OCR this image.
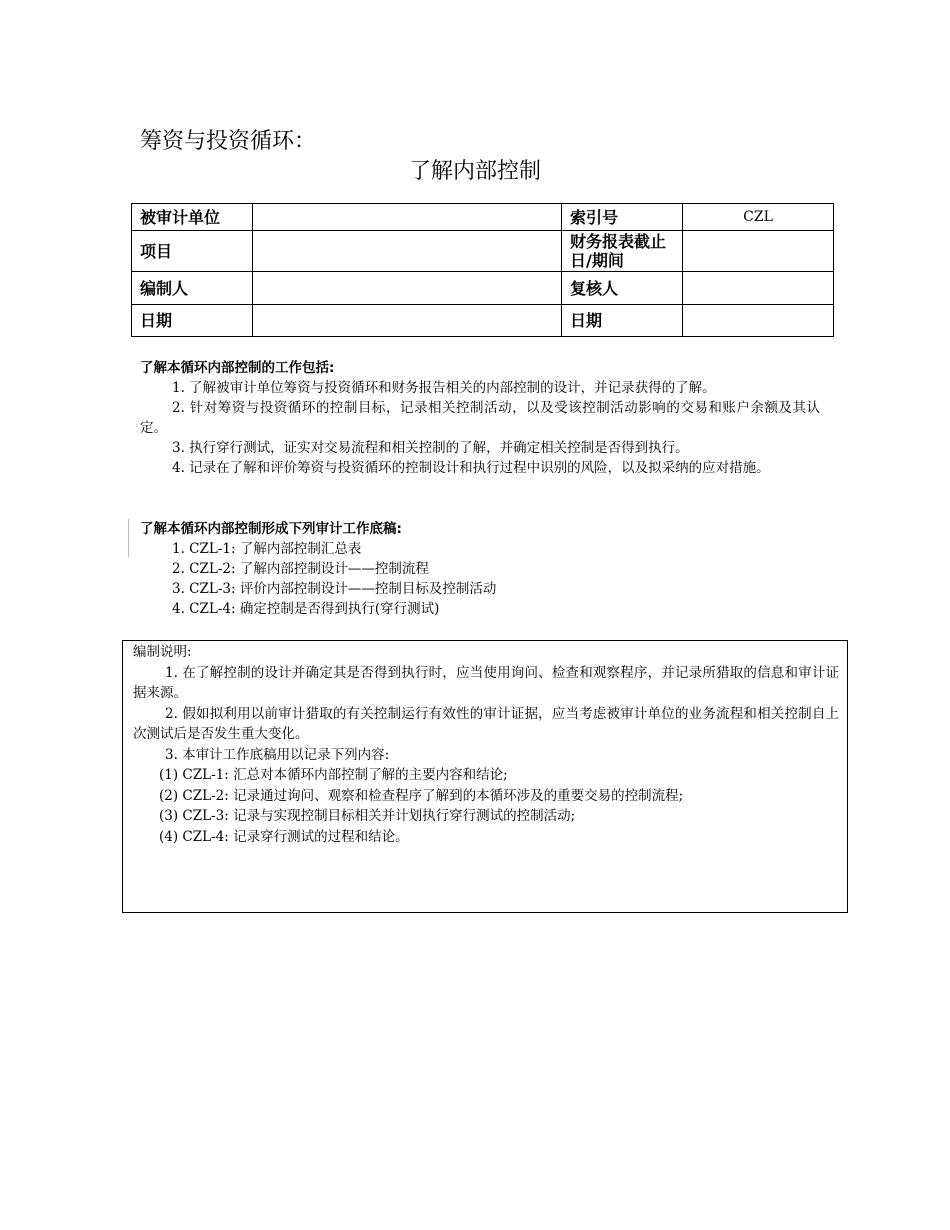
筹资与投资循环：
了解内部控制
被审计单位		索引号	CZL
项目		财务报表截止日/期间	
编制人		复核人	
日期		日期	
了解本循环内部控制的工作包括:
1. 了解被审计单位筹资与投资循环和财务报告相关的内部控制的设计，并记录获得的了解。
2. 针对筹资与投资循环的控制目标，记录相关控制活动，以及受该控制活动影响的交易和账户余额及其认定。
3. 执行穿行测试，证实对交易流程和相关控制的了解，并确定相关控制是否得到执行。
4. 记录在了解和评价筹资与投资循环的控制设计和执行过程中识别的风险，以及拟采纳的应对措施。
了解本循环内部控制形成下列审计工作底稿:
1. CZL-1: 了解内部控制汇总表
2. CZL-2: 了解内部控制设计——控制流程
3. CZL-3: 评价内部控制设计——控制目标及控制活动
4. CZL-4: 确定控制是否得到执行(穿行测试)
编制说明:
1. 在了解控制的设计并确定其是否得到执行时，应当使用询问、检查和观察程序，并记录所猎取的信息和审计证据来源。
2. 假如拟利用以前审计猎取的有关控制运行有效性的审计证据，应当考虑被审计单位的业务流程和相关控制自上次测试后是否发生重大变化。
3. 本审计工作底稿用以记录下列内容:
(1) CZL-1: 汇总对本循环内部控制了解的主要内容和结论;
(2) CZL-2: 记录通过询问、观察和检查程序了解到的本循环涉及的重要交易的控制流程;
(3) CZL-3: 记录与实现控制目标相关并计划执行穿行测试的控制活动;
(4) CZL-4: 记录穿行测试的过程和结论。
